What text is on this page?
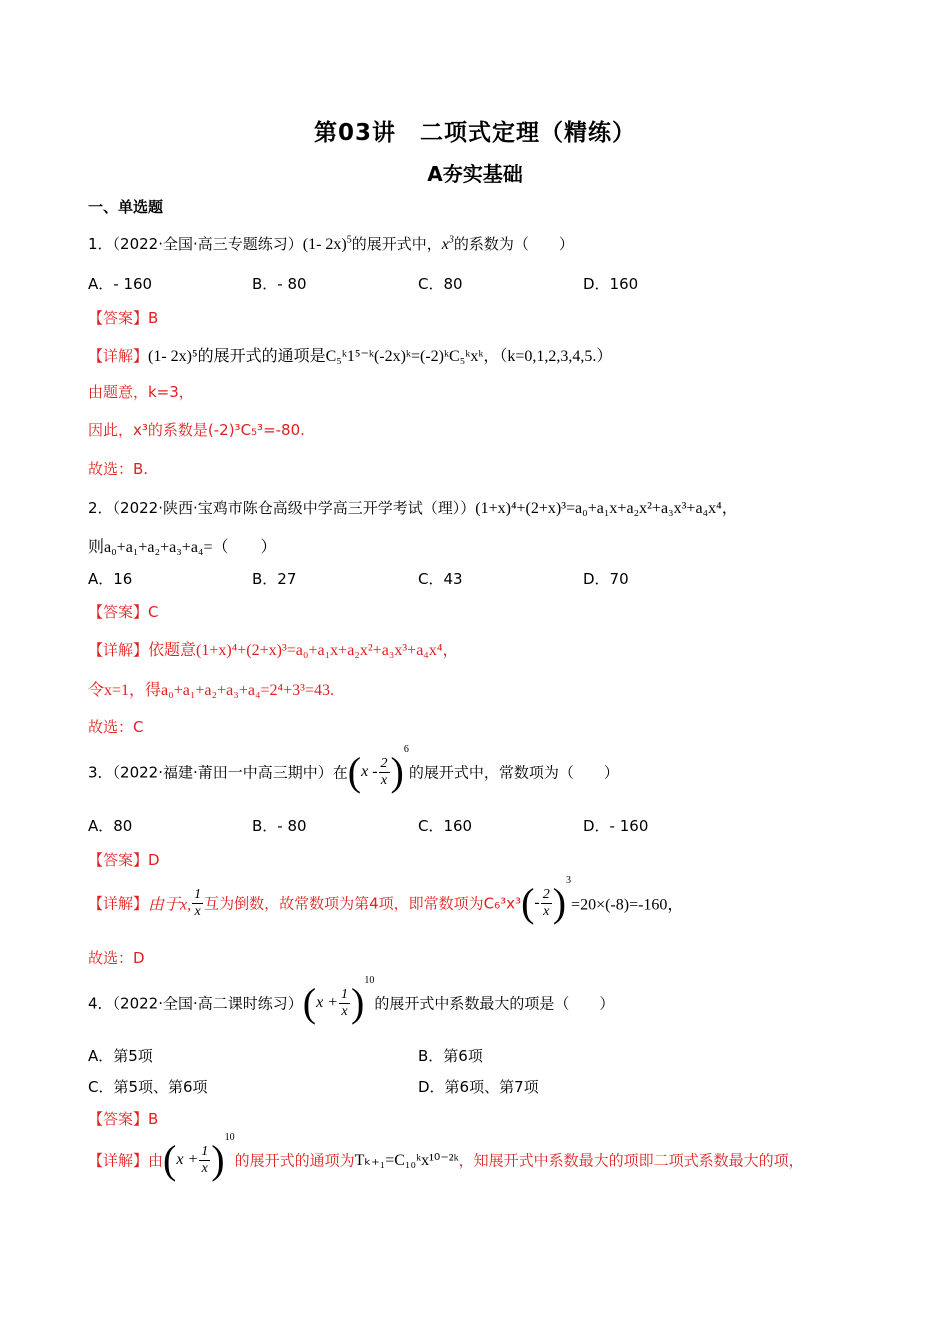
第03讲　二项式定理（精练）
A夯实基础
一、单选题
1．（2022·全国·高三专题练习）(1- 2x)$^5$的展开式中，$x^3$的系数为（　　）
A．- 160	B．- 80	C．80	D．160
【答案】B
【详解】(1- 2x)⁵的展开式的通项是C₅ᵏ1⁵⁻ᵏ(-2x)ᵏ=(-2)ᵏC₅ᵏxᵏ，（k=0,1,2,3,4,5.）
由题意，k=3，
因此，x³的系数是(-2)³C₅³=-80.
故选：B.
2．（2022·陕西·宝鸡市陈仓高级中学高三开学考试（理））(1+x)⁴+(2+x)³=a₀+a₁x+a₂x²+a₃x³+a₄x⁴，
则a₀+a₁+a₂+a₃+a₄=（　　）
A．16	B．27	C．43	D．70
【答案】C
【详解】依题意(1+x)⁴+(2+x)³=a₀+a₁x+a₂x²+a₃x³+a₄x⁴，
令x=1，得a₀+a₁+a₂+a₃+a₄=2⁴+3³=43.
故选：C
3．（2022·福建·莆田一中高三期中）在$(x - \frac{2}{x} )6$的展开式中，常数项为（　　）
A．80	B．- 80	C．160	D．- 160
【答案】D
【详解】由于x, $\frac{1}{x}$ 互为倒数，故常数项为第4项，即常数项为$C_6^3x^3(- \frac{2}{x} )3=20\times(-8)=-160$，
故选：D
4．（2022·全国·高二课时练习）$(x + \frac{1}{x} )10$的展开式中系数最大的项是（　　）
A．第5项	B．第6项
C．第5项、第6项	D．第6项、第7项
【答案】B
【详解】由$(x + \frac{1}{x} )10$的展开式的通项为Tₖ₊₁=C₁₀ᵏx¹⁰⁻²ᵏ，知展开式中系数最大的项即二项式系数最大的项，
